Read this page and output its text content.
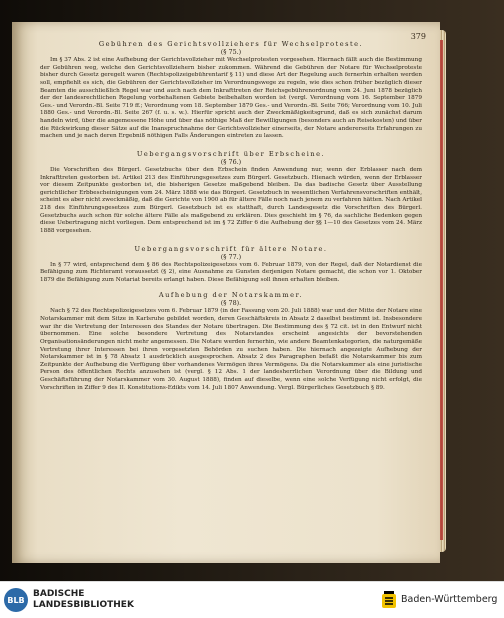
379

Gebühren des Gerichtsvollziehers für Wechselproteste.

(§ 75.)

Im § 37 Abs. 2 ist eine Aufhebung der Gerichtsvollzieher mit Wechselprotesten vorgesehen. Hiernach fällt auch die Bestimmung der Gebühren weg, welche den Gerichtsvollziehern bisher zukommen. Während die Gebühren der Notare für Wechselproteste bisher durch Gesetz geregelt waren (Rechtspolizeigebührentarif § 11) und diese Art der Regelung auch fernerhin erhalten werden soll, empfiehlt es sich, die Gebühren der Gerichtsvollzieher im Verordnungswege zu regeln, wie dies schon früher bezüglich dieser Beamten die ausschließlich Regel war und auch nach dem Inkrafttreten der Reichsgebührenordnung vom 24. Juni 1878 bezüglich der der landesrechtlichen Regelung vorbehaltenen Gebiete beibehalten worden ist (vergl. Verordnung vom 16. September 1879 Ges.- und Verordn.-Bl. Seite 719 ff.; Verordnung vom 18. September 1879 Ges.- und Verordn.-Bl. Seite 766; Verordnung vom 10. Juli 1880 Ges.- und Verordn.-Bl. Seite 267 (f. u. s. w.). Hierfür spricht auch der Zweckmäßigkeitsgrund, daß es sich zunächst darum handeln wird, über die angemessene Höhe und über das nöthige Maß der Bewilligungen (besonders auch an Reisekosten) und über die Rückwirkung dieser Sätze auf die Inanspruchnahme der Gerichtsvollzieher einerseits, der Notare andererseits Erfahrungen zu machen und je nach deren Ergebniß nöthigen Falls Änderungen eintreten zu lassen.

Uebergangsvorschrift über Erbscheine.

(§ 76.)

Die Vorschriften des Bürgerl. Gesetzbuchs über den Erbschein finden Anwendung nur, wenn der Erblasser nach dem Inkrafttreten gestorben ist. Artikel 213 des Einführungsgesetzes zum Bürgerl. Gesetzbuch. Hienach würden, wenn der Erblasser vor diesem Zeitpunkte gestorben ist, die bisherigen Gesetze maßgebend bleiben. Da das badische Gesetz über Ausstellung gerichtlicher Erbbescheinigungen vom 24. März 1888 wie das Bürgerl. Gesetzbuch in wesentlichen Verfahrensvorschriften enthält, scheint es aber nicht zweckmäßig, daß die Gerichte von 1900 ab für ältere Fälle noch nach jenem zu verfahren hätten. Nach Artikel 218 des Einführungsgesetzes zum Bürgerl. Gesetzbuch ist es statthaft, durch Landesgesetz die Vorschriften des Bürgerl. Gesetzbuchs auch schon für solche ältere Fälle als maßgebend zu erklären. Dies geschieht im § 76, da sachliche Bedenken gegen diese Uebertragung nicht vorliegen. Dem entsprechend ist im § 72 Ziffer 6 die Aufhebung der §§ 1—10 des Gesetzes vom 24. März 1888 vorgesehen.

Uebergangsvorschrift für ältere Notare.

(§ 77.)

In § 77 wird, entsprechend dem § 86 des Rechtspolizeigesetzes vom 6. Februar 1879, von der Regel, daß der Notardienst die Befähigung zum Richteramt voraussetzt (§ 2), eine Ausnahme zu Gunsten derjenigen Notare gemacht, die schon vor 1. Oktober 1879 die Befähigung zum Notariat bereits erlangt haben. Diese Befähigung soll ihnen erhalten bleiben.

Aufhebung der Notarskammer.

(§ 78).

Nach § 72 des Rechtspolizeigesetzes vom 6. Februar 1879 (in der Fassung vom 20. Juli 1888) war und der Mitte der Notare eine Notarskammer mit dem Sitze in Karlsruhe gebildet worden, deren Geschäftskreis in Absatz 2 daselbst bestimmt ist. Insbesondere war ihr die Vertretung der Interessen des Standes der Notare übertragen. Die Bestimmung des § 72 cit. ist in den Entwurf nicht übernommen. Eine solche besondere Vertretung des Notarstandes erscheint angesichts der bevorstehenden Organisationsänderungen nicht mehr angemessen. Die Notare werden fernerhin, wie andere Beamtenkategorien, die naturgemäße Vertretung ihrer Interessen bei ihren vorgesetzten Behörden zu suchen haben. Die hiernach angezeigte Aufhebung der Notarskammer ist in § 78 Absatz 1 ausdrücklich ausgesprochen. Absatz 2 des Paragraphen befaßt die Notarskammer bis zum Zeitpunkte der Aufhebung die Verfügung über vorhandenes Vermögen ihres Vermögens. Da die Notarskammer als eine juristische Person des öffentlichen Rechts anzusehen ist (vergl. § 12 Abs. 1 der landesherrlichen Verordnung über die Bildung und Geschäftsführung der Notarskammer vom 30. August 1888), finden auf dieselbe, wenn eine solche Verfügung nicht erfolgt, die Vorschriften in Ziffer 9 des II. Konstitutions-Edikts vom 14. Juli 1807 Anwendung. Vergl. Bürgerliches Gesetzbuch § 89.

BLB
BADISCHE
LANDESBIBLIOTHEK	Baden-Württemberg
